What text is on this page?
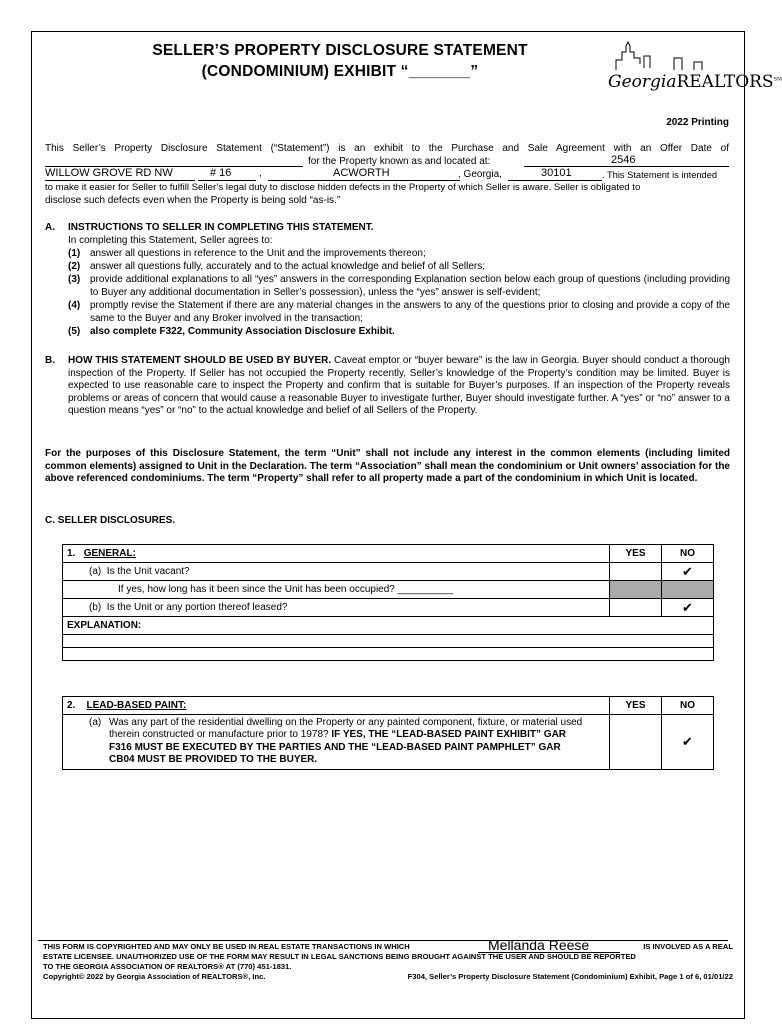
SELLER’S PROPERTY DISCLOSURE STATEMENT
(CONDOMINIUM) EXHIBIT “_______”
GeorgiaREALTORS℠
2022 Printing
This Seller’s Property Disclosure Statement (“Statement”) is an exhibit to the Purchase and Sale Agreement with an Offer Date of
for the Property known as and located at:	2546
WILLOW GROVE RD NW	# 16	,	ACWORTH	, Georgia,	30101	. This Statement is intended
to make it easier for Seller to fulfill Seller’s legal duty to disclose hidden defects in the Property of which Seller is aware. Seller is obligated to
disclose such defects even when the Property is being sold “as-is.”
A. INSTRUCTIONS TO SELLER IN COMPLETING THIS STATEMENT.
In completing this Statement, Seller agrees to:
(1) answer all questions in reference to the Unit and the improvements thereon;
(2) answer all questions fully, accurately and to the actual knowledge and belief of all Sellers;
(3) provide additional explanations to all “yes” answers in the corresponding Explanation section below each group of questions (including providing to Buyer any additional documentation in Seller’s possession), unless the “yes” answer is self-evident;
(4) promptly revise the Statement if there are any material changes in the answers to any of the questions prior to closing and provide a copy of the same to the Buyer and any Broker involved in the transaction;
(5) also complete F322, Community Association Disclosure Exhibit.
B. HOW THIS STATEMENT SHOULD BE USED BY BUYER. Caveat emptor or “buyer beware” is the law in Georgia. Buyer should conduct a thorough inspection of the Property. If Seller has not occupied the Property recently, Seller’s knowledge of the Property’s condition may be limited. Buyer is expected to use reasonable care to inspect the Property and confirm that is suitable for Buyer’s purposes. If an inspection of the Property reveals problems or areas of concern that would cause a reasonable Buyer to investigate further, Buyer should investigate further. A “yes” or “no” answer to a question means “yes” or “no” to the actual knowledge and belief of all Sellers of the Property.
For the purposes of this Disclosure Statement, the term “Unit” shall not include any interest in the common elements (including limited common elements) assigned to Unit in the Declaration. The term “Association” shall mean the condominium or Unit owners’ association for the above referenced condominiums. The term “Property” shall refer to all property made a part of the condominium in which Unit is located.
C. SELLER DISCLOSURES.
1. GENERAL:	YES	NO
(a) Is the Unit vacant?		✔
If yes, how long has it been since the Unit has been occupied? __________		
(b) Is the Unit or any portion thereof leased?		✔
EXPLANATION:		

2. LEAD-BASED PAINT:	YES	NO

(a) Was any part of the residential dwelling on the Property or any painted component, fixture, or material used therein constructed or manufacture prior to 1978? IF YES, THE “LEAD-BASED PAINT EXHIBIT” GAR F316 MUST BE EXECUTED BY THE PARTIES AND THE “LEAD-BASED PAINT PAMPHLET” GAR CB04 MUST BE PROVIDED TO THE BUYER.		✔
THIS FORM IS COPYRIGHTED AND MAY ONLY BE USED IN REAL ESTATE TRANSACTIONS IN WHICH	IS INVOLVED AS A REAL
ESTATE LICENSEE. UNAUTHORIZED USE OF THE FORM MAY RESULT IN LEGAL SANCTIONS BEING BROUGHT AGAINST THE USER AND SHOULD BE REPORTED
TO THE GEORGIA ASSOCIATION OF REALTORS® AT (770) 451-1831.
Copyright© 2022 by Georgia Association of REALTORS®, Inc.	F304, Seller’s Property Disclosure Statement (Condominium) Exhibit, Page 1 of 6, 01/01/22
Mellanda Reese
